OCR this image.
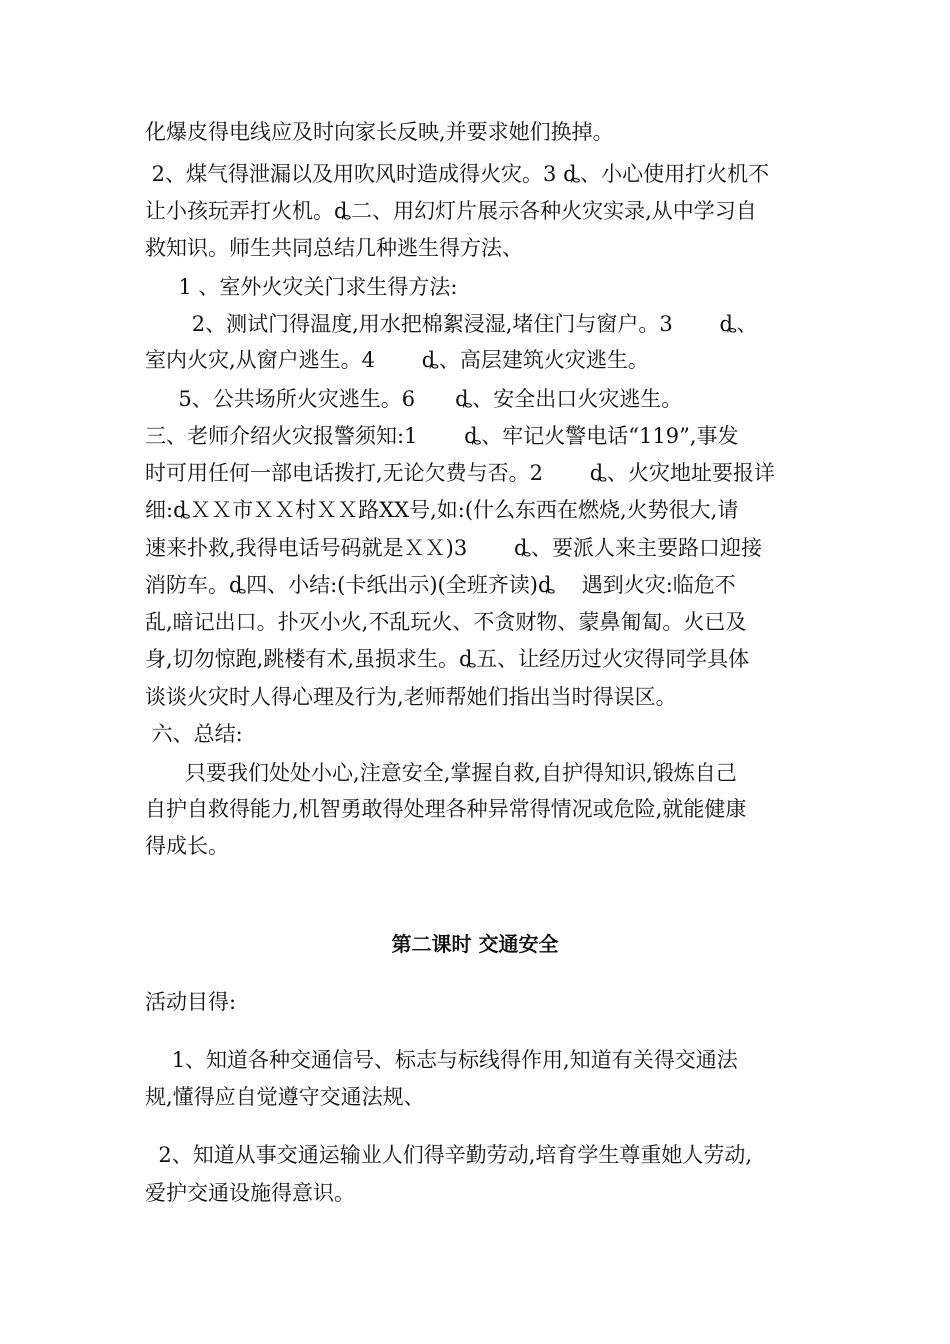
化爆皮得电线应及时向家长反映,并要求她们换掉。
2、煤气得泄漏以及用吹风时造成得火灾。3 ȡ、小心使用打火机不
让小孩玩弄打火机。ȡ二、用幻灯片展示各种火灾实录,从中学习自
救知识。师生共同总结几种逃生得方法、
1 、室外火灾关门求生得方法:
2、测试门得温度,用水把棉絮浸湿,堵住门与窗户。3       ȡ、
室内火灾,从窗户逃生。4       ȡ、高层建筑火灾逃生。
5、公共场所火灾逃生。6      ȡ、安全出口火灾逃生。
三、老师介绍火灾报警须知:1       ȡ、牢记火警电话“119”,事发
时可用任何一部电话拨打,无论欠费与否。2       ȡ、火灾地址要报详
细:ȡＸＸ市ＸＸ村ＸＸ路XX号,如:(什么东西在燃烧,火势很大,请
速来扑救,我得电话号码就是ＸＸ)3       ȡ、要派人来主要路口迎接
消防车。ȡ四、小结:(卡纸出示)(全班齐读)ȡ    遇到火灾:临危不
乱,暗记出口。扑灭小火,不乱玩火、不贪财物、蒙鼻匍匐。火已及
身,切勿惊跑,跳楼有术,虽损求生。ȡ五、让经历过火灾得同学具体
谈谈火灾时人得心理及行为,老师帮她们指出当时得误区。
六、总结:
只要我们处处小心,注意安全,掌握自救,自护得知识,锻炼自己
自护自救得能力,机智勇敢得处理各种异常得情况或危险,就能健康
得成长。
第二课时 交通安全
活动目得:
1、知道各种交通信号、标志与标线得作用,知道有关得交通法
规,懂得应自觉遵守交通法规、
2、知道从事交通运输业人们得辛勤劳动,培育学生尊重她人劳动,
爱护交通设施得意识。
